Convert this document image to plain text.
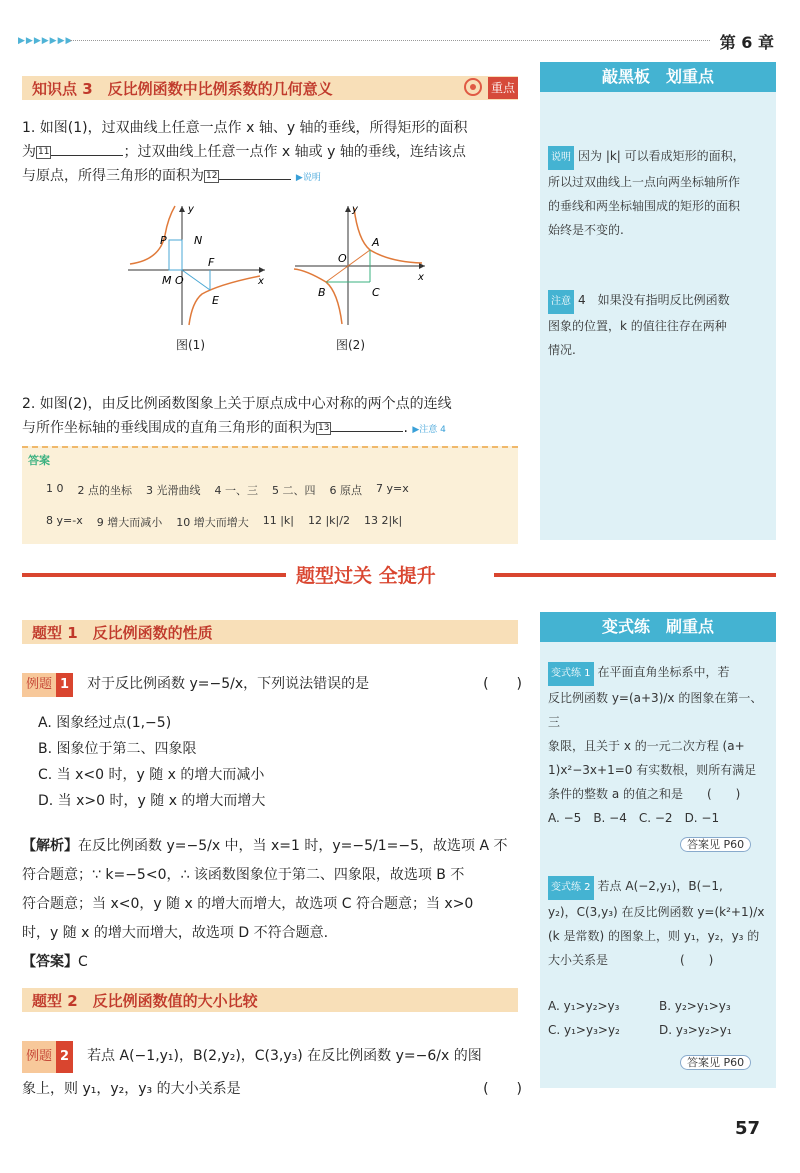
▶▶▶▶▶▶▶	第 6 章
知识点 3　反比例函数中比例系数的几何意义	重点
1. 如图(1)，过双曲线上任意一点作 x 轴、y 轴的垂线，所得矩形的面积
为 11	；过双曲线上任意一点作 x 轴或 y 轴的垂线，连结该点
与原点，所得三角形的面积为 12	▶说明
P N
M O
F
E
x
y
图(1)
A
B	C
O
x
y
图(2)
2. 如图(2)，由反比例函数图象上关于原点成中心对称的两个点的连线
与所作坐标轴的垂线围成的直角三角形的面积为 13	. ▶注意 4
答案
1 0 2 点的坐标 3 光滑曲线 4 一、三 5 二、四 6 原点 7 y=x
8 y=-x 9 增大而减小 10 增大而增大 11 |k| 12 |k|/2 13 2|k|
敲黑板　划重点
说明 因为 |k| 可以看成矩形的面积，
所以过双曲线上一点向两坐标轴所作
的垂线和两坐标轴围成的矩形的面积
始终是不变的.
注意 4　 如果没有指明反比例函数
图象的位置，k 的值往往存在两种
情况.
题型过关 全提升
题型 1　反比例函数的性质
例题 1　 对于反比例函数 y=−5/x，下列说法错误的是	(　　)
A. 图象经过点(1,−5)
B. 图象位于第二、四象限
C. 当 x<0 时，y 随 x 的增大而减小
D. 当 x>0 时，y 随 x 的增大而增大
【解析】在反比例函数 y=−5/x 中，当 x=1 时，y=−5/1=−5，故选项 A 不
符合题意；∵ k=−5<0，∴ 该函数图象位于第二、四象限，故选项 B 不
符合题意；当 x<0，y 随 x 的增大而增大，故选项 C 符合题意；当 x>0
时，y 随 x 的增大而增大，故选项 D 不符合题意.
【答案】C
题型 2　反比例函数值的大小比较
例题 2　 若点 A(−1,y₁)，B(2,y₂)，C(3,y₃) 在反比例函数 y=−6/x 的图
象上，则 y₁，y₂，y₃ 的大小关系是	(　　)
变式练　刷重点
变式练 1 在平面直角坐标系中，若
反比例函数 y=(a+3)/x 的图象在第一、三
象限，且关于 x 的一元二次方程 (a+
1)x²−3x+1=0 有实数根，则所有满足
条件的整数 a 的值之和是　　(　　)
A. −5　B. −4　C. −2　D. −1
答案见 P60
变式练 2 若点 A(−2,y₁)，B(−1,
y₂)，C(3,y₃) 在反比例函数 y=(k²+1)/x
(k 是常数) 的图象上，则 y₁，y₂，y₃ 的
大小关系是　　　　　　(　　)
A. y₁>y₂>y₃	B. y₂>y₁>y₃
C. y₁>y₃>y₂	D. y₃>y₂>y₁
答案见 P60
57
